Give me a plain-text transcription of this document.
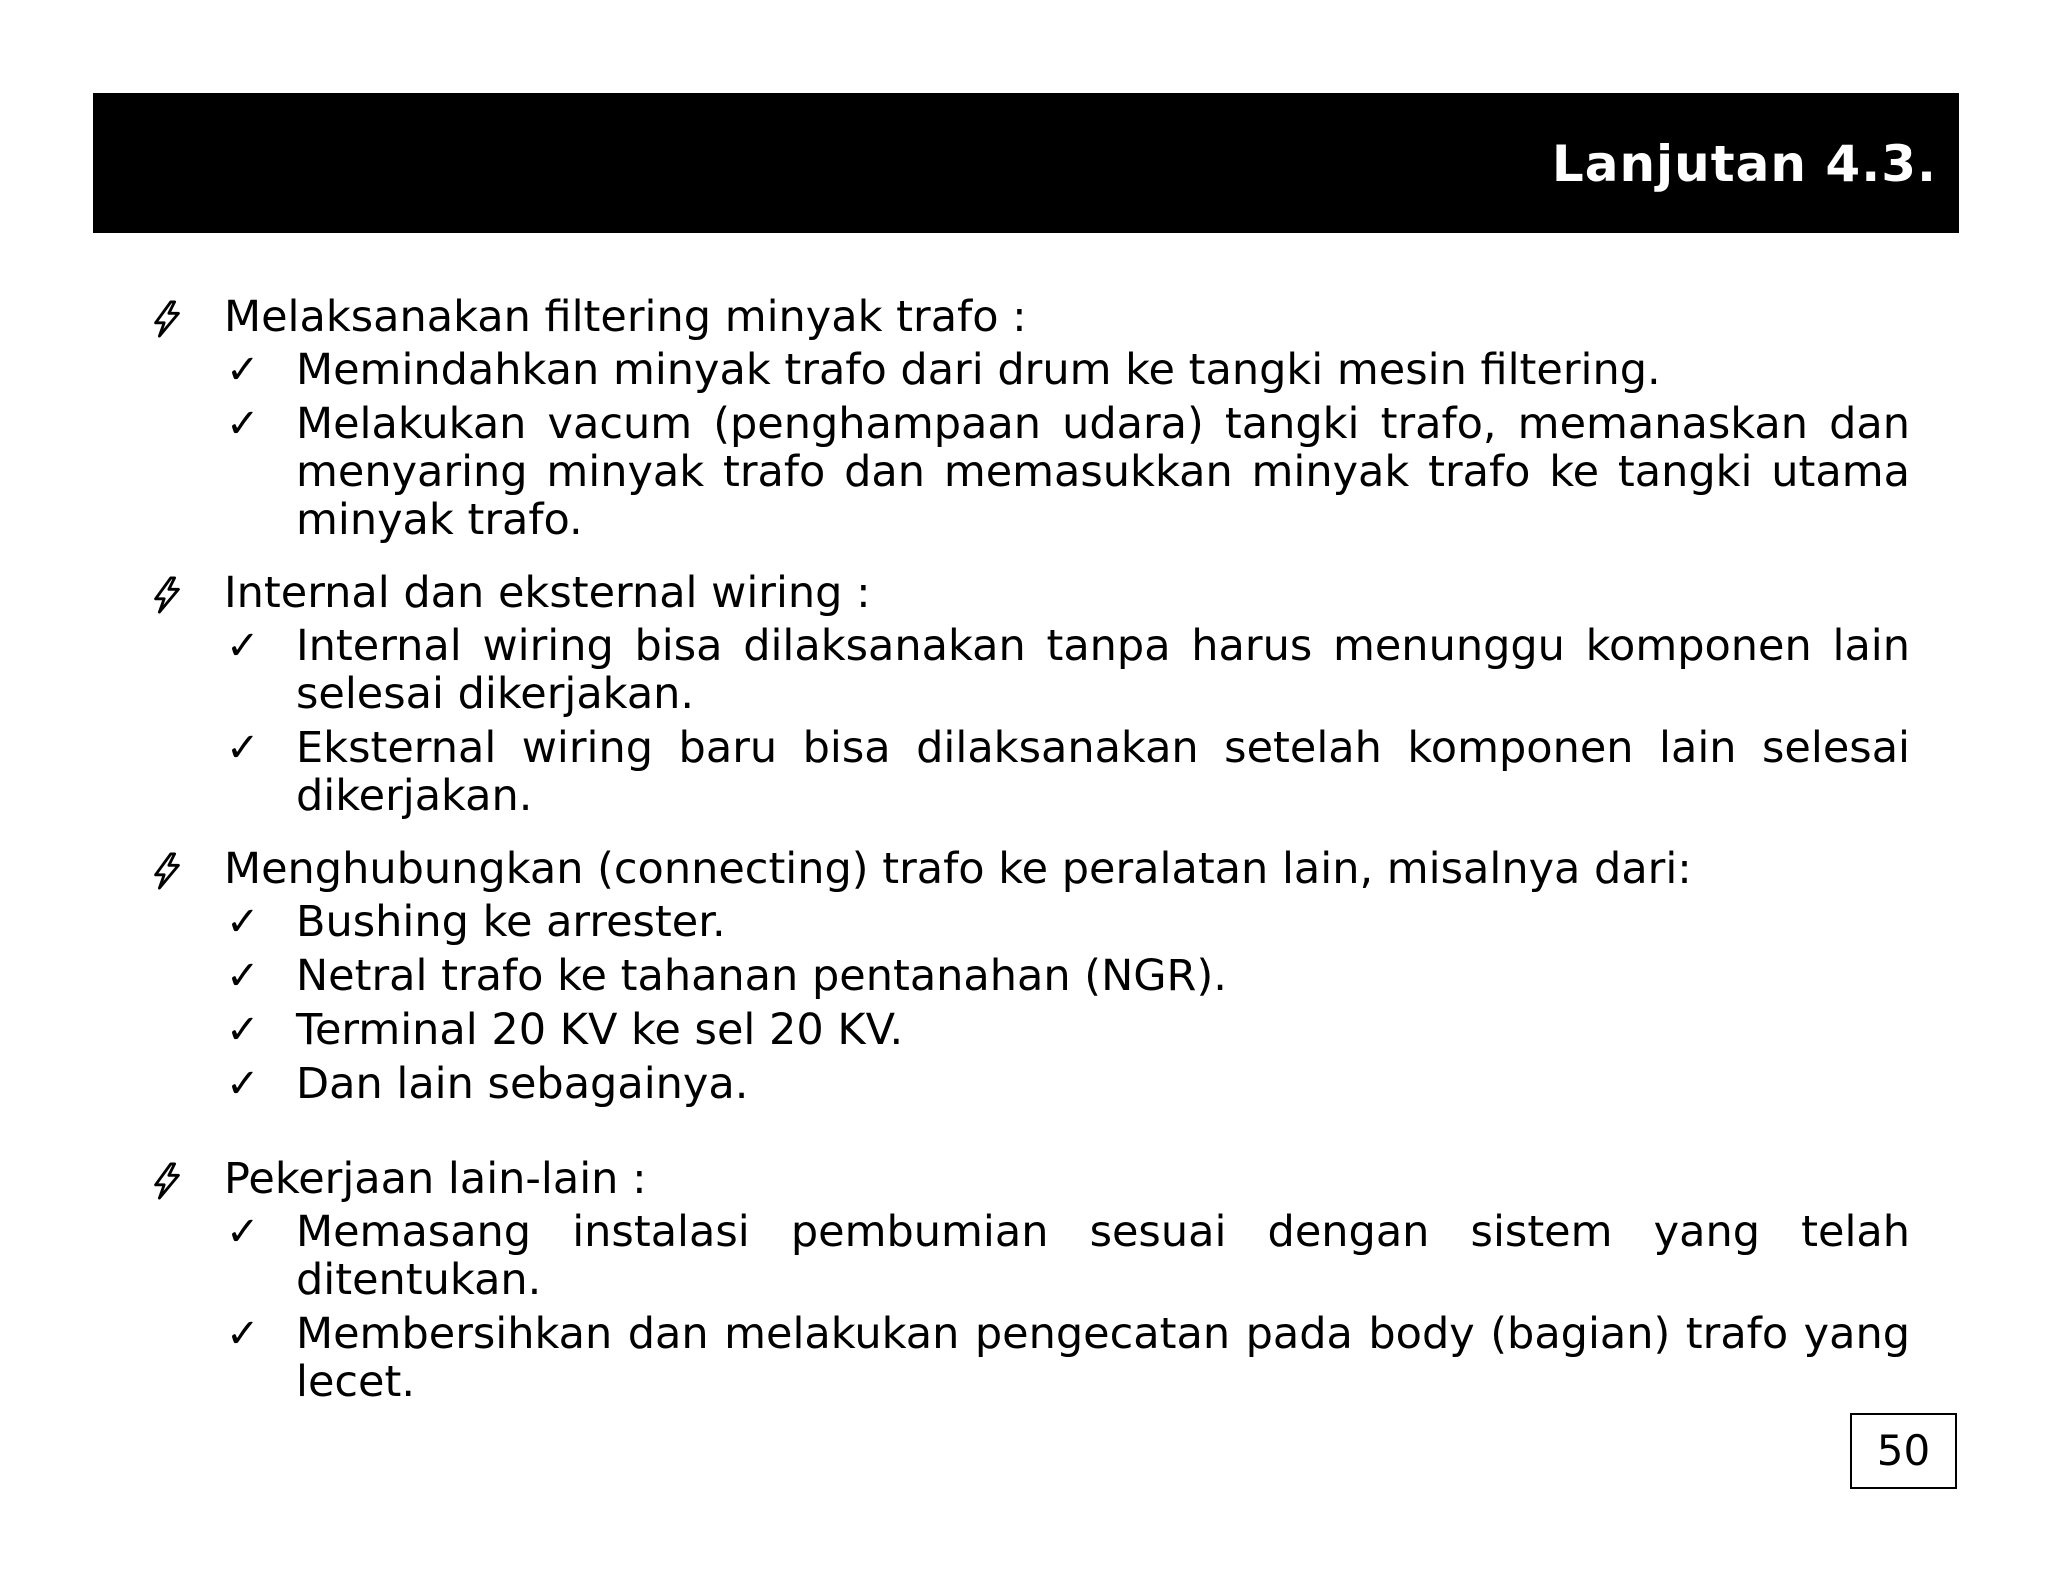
Lanjutan 4.3.
Melaksanakan filtering minyak trafo :
✓ Memindahkan minyak trafo dari drum ke tangki mesin filtering.
✓ Melakukan vacum (penghampaan udara) tangki trafo, memanaskan dan menyaring minyak trafo dan memasukkan minyak trafo ke tangki utama minyak trafo.
Internal dan eksternal wiring :
✓ Internal wiring bisa dilaksanakan tanpa harus menunggu komponen lain selesai dikerjakan.
✓ Eksternal wiring baru bisa dilaksanakan setelah komponen lain selesai dikerjakan.
Menghubungkan (connecting) trafo ke peralatan lain, misalnya dari:
✓ Bushing ke arrester.
✓ Netral trafo ke tahanan pentanahan (NGR).
✓ Terminal 20 KV ke sel 20 KV.
✓ Dan lain sebagainya.
Pekerjaan lain-lain :
✓ Memasang instalasi pembumian sesuai dengan sistem yang telah ditentukan.
✓ Membersihkan dan melakukan pengecatan pada body (bagian) trafo yang lecet.
50
